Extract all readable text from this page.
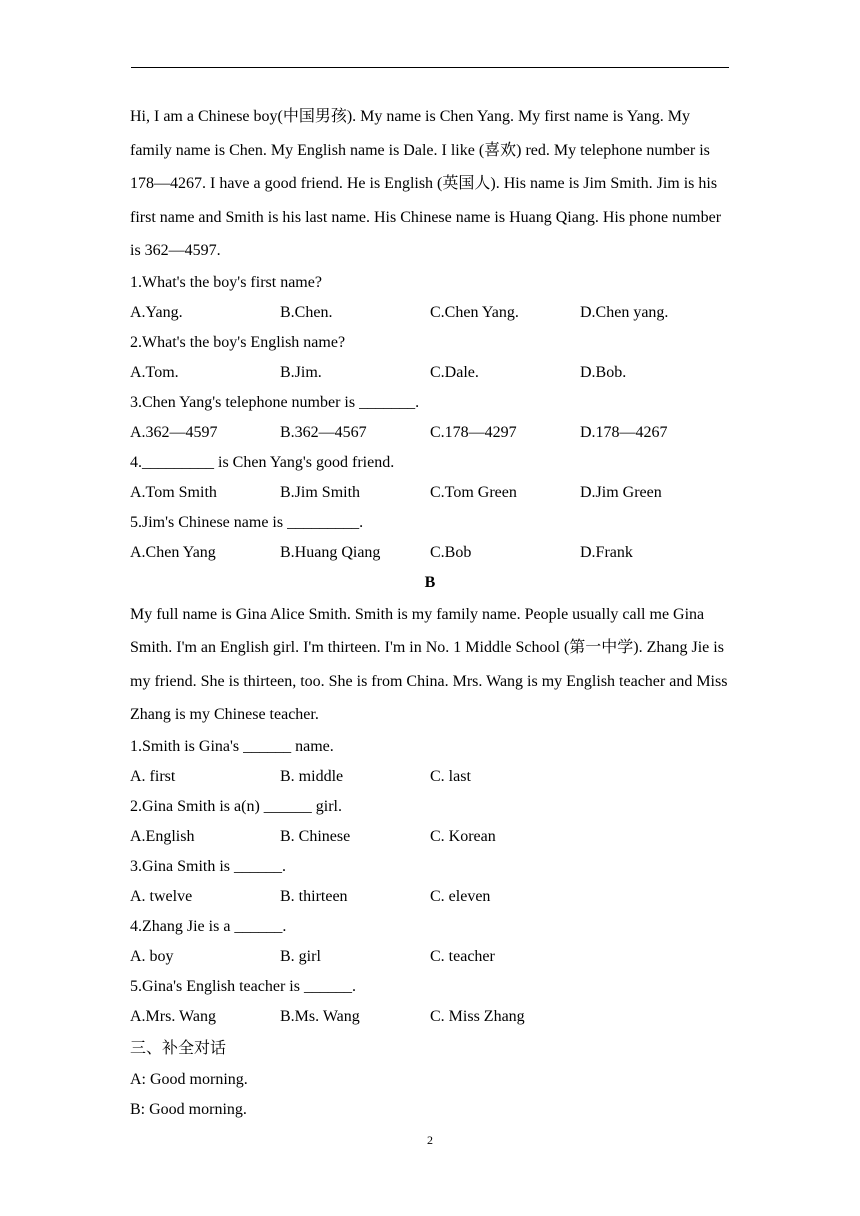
Hi, I am a Chinese boy(中国男孩). My name is Chen Yang. My first name is Yang. My family name is Chen. My English name is Dale. I like (喜欢) red. My telephone number is 178—4267. I have a good friend. He is English (英国人). His name is Jim Smith. Jim is his first name and Smith is his last name. His Chinese name is Huang Qiang. His phone number is 362—4597.
1.What's the boy's first name?
A.Yang.	B.Chen.	C.Chen Yang.	D.Chen yang.
2.What's the boy's English name?
A.Tom.	B.Jim.	C.Dale.	D.Bob.
3.Chen Yang's telephone number is _______.
A.362—4597	B.362—4567	C.178—4297	D.178—4267
4._________ is Chen Yang's good friend.
A.Tom Smith	B.Jim Smith	C.Tom Green	D.Jim Green
5.Jim's Chinese name is _________.
A.Chen Yang	B.Huang Qiang	C.Bob	D.Frank
B
My full name is Gina Alice Smith. Smith is my family name. People usually call me Gina Smith. I'm an English girl. I'm thirteen. I'm in No. 1 Middle School (第一中学). Zhang Jie is my friend. She is thirteen, too. She is from China. Mrs. Wang is my English teacher and Miss Zhang is my Chinese teacher.
1.Smith is Gina's ______ name.
A. first	B. middle	C. last
2.Gina Smith is a(n) ______ girl.
A.English	B. Chinese	C. Korean
3.Gina Smith is ______.
A. twelve	B. thirteen	C. eleven
4.Zhang Jie is a ______.
A. boy	B. girl	C. teacher
5.Gina's English teacher is ______.
A.Mrs. Wang	B.Ms. Wang	C. Miss Zhang
三、补全对话
A: Good morning.
B: Good morning.
2
